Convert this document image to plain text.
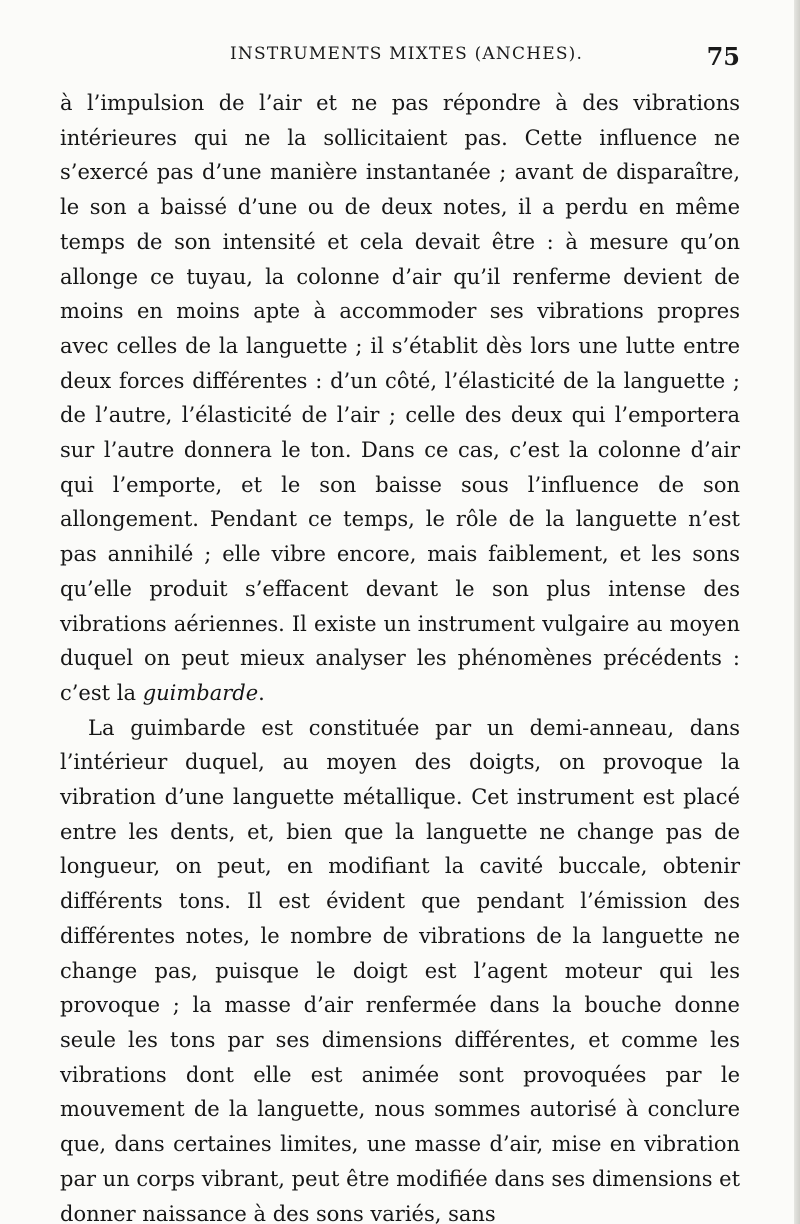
INSTRUMENTS MIXTES (ANCHES).	75

à l’impulsion de l’air et ne pas répondre à des vibrations intérieures qui ne la sollicitaient pas. Cette influence ne s’exercé pas d’une manière instantanée ; avant de disparaître, le son a baissé d’une ou de deux notes, il a perdu en même temps de son intensité et cela devait être : à mesure qu’on allonge ce tuyau, la colonne d’air qu’il renferme devient de moins en moins apte à accommoder ses vibrations propres avec celles de la languette ; il s’établit dès lors une lutte entre deux forces différentes : d’un côté, l’élasticité de la languette ; de l’autre, l’élasticité de l’air ; celle des deux qui l’emportera sur l’autre donnera le ton. Dans ce cas, c’est la colonne d’air qui l’emporte, et le son baisse sous l’influence de son allongement. Pendant ce temps, le rôle de la languette n’est pas annihilé ; elle vibre encore, mais faiblement, et les sons qu’elle produit s’effacent devant le son plus intense des vibrations aériennes. Il existe un instrument vulgaire au moyen duquel on peut mieux analyser les phénomènes précédents : c’est la guimbarde.

La guimbarde est constituée par un demi-anneau, dans l’intérieur duquel, au moyen des doigts, on provoque la vibration d’une languette métallique. Cet instrument est placé entre les dents, et, bien que la languette ne change pas de longueur, on peut, en modifiant la cavité buccale, obtenir différents tons. Il est évident que pendant l’émission des différentes notes, le nombre de vibrations de la languette ne change pas, puisque le doigt est l’agent moteur qui les provoque ; la masse d’air renfermée dans la bouche donne seule les tons par ses dimensions différentes, et comme les vibrations dont elle est animée sont provoquées par le mouvement de la languette, nous sommes autorisé à conclure que, dans certaines limites, une masse d’air, mise en vibration par un corps vibrant, peut être modifiée dans ses dimensions et donner naissance à des sons variés, sans
